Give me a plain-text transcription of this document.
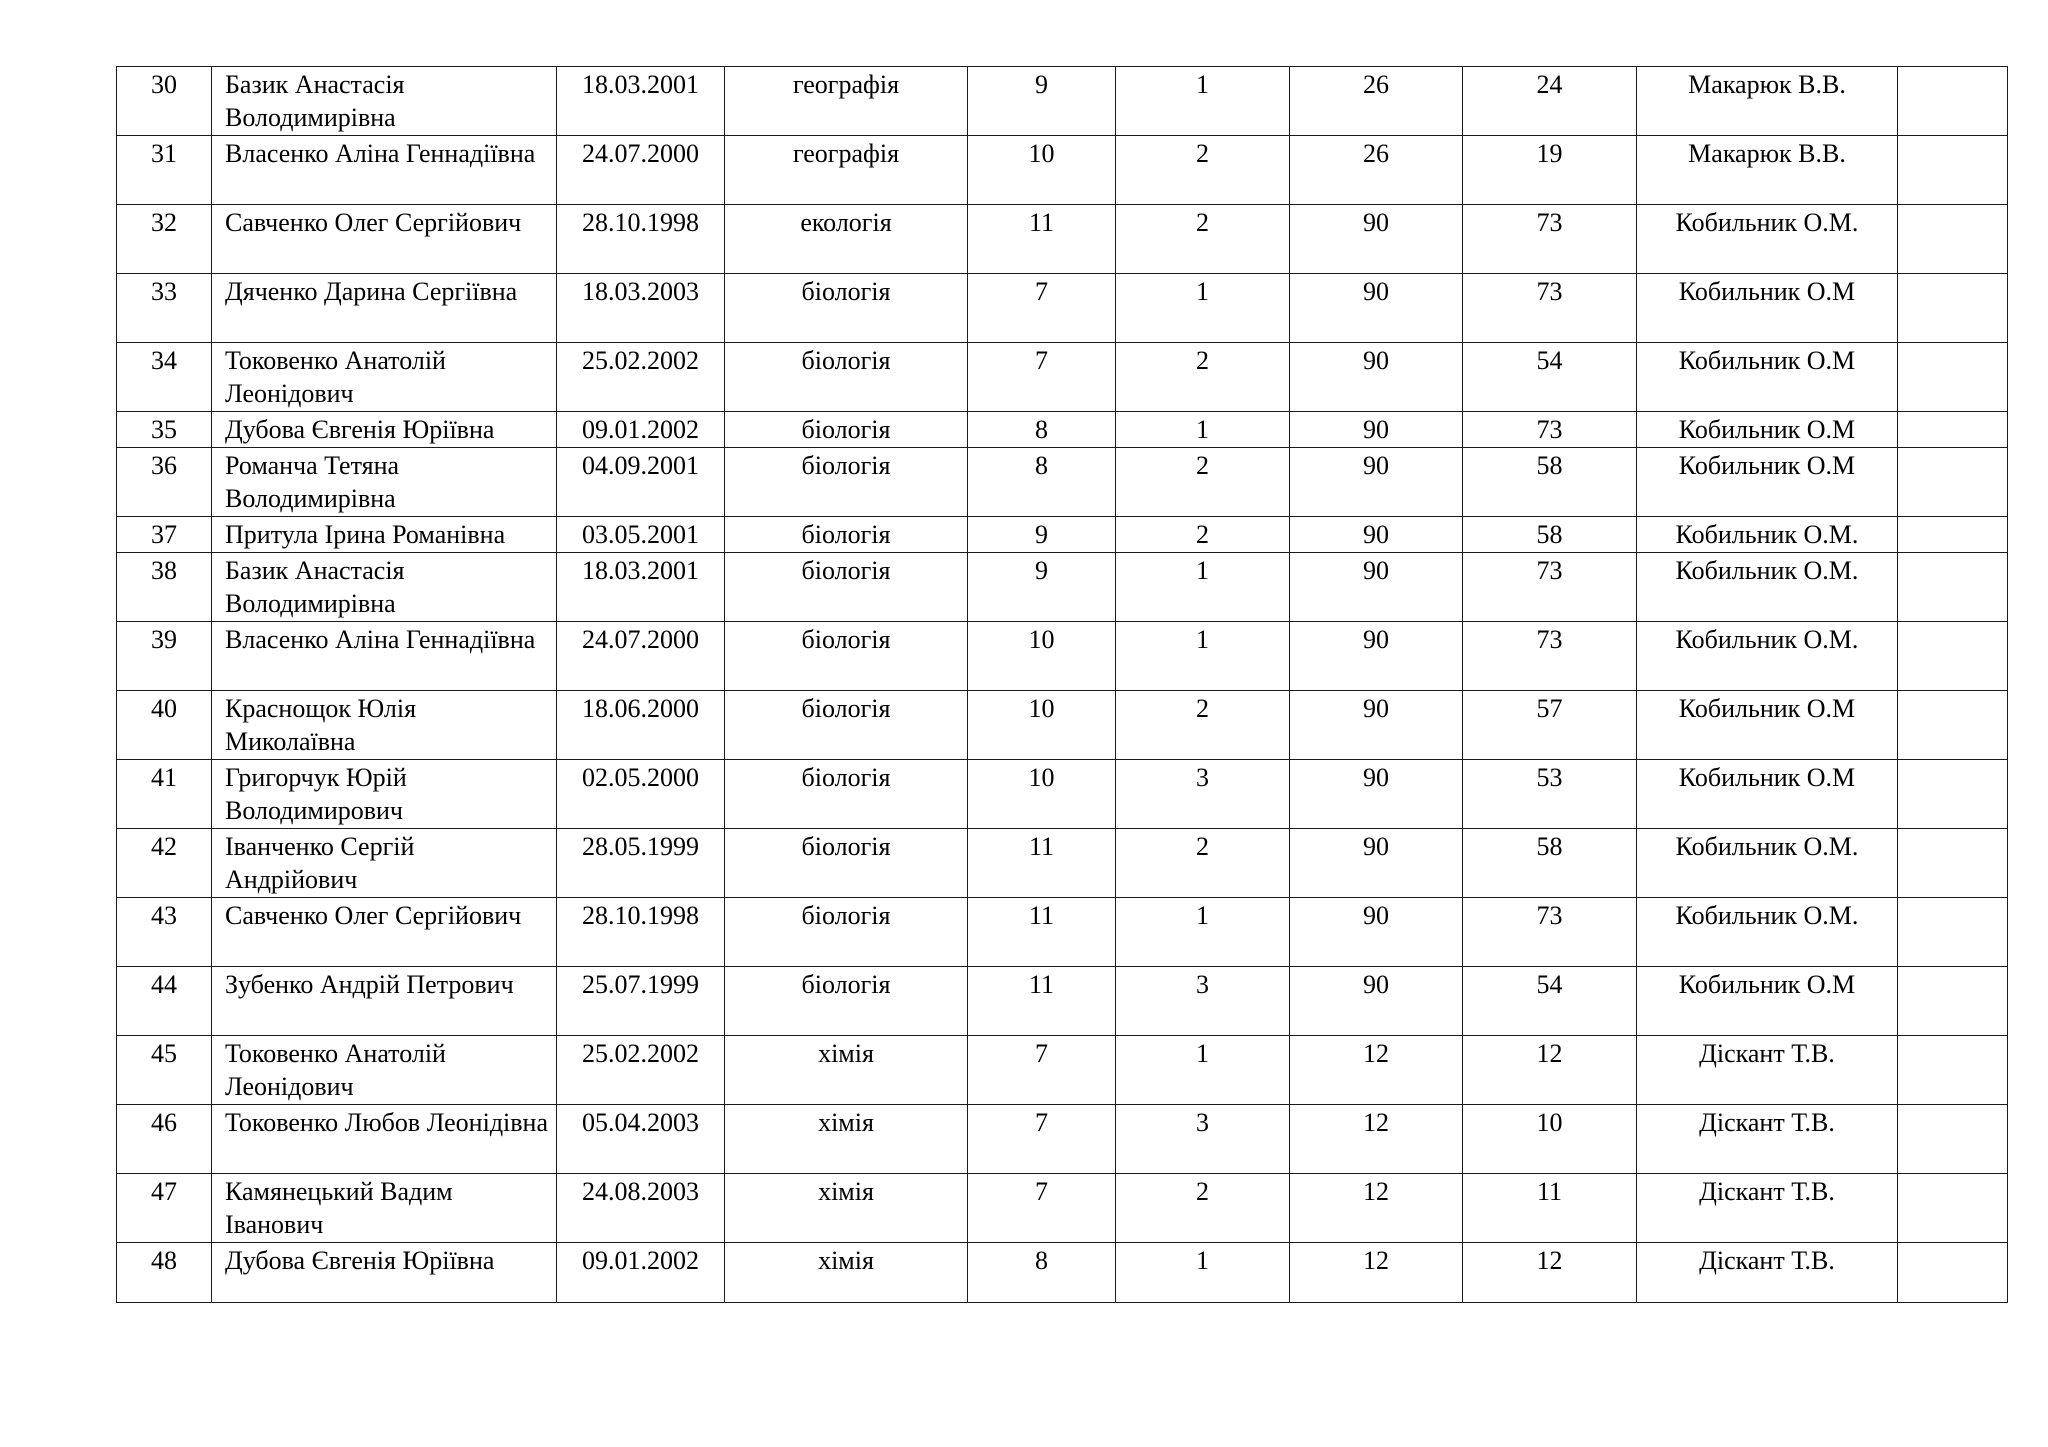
30	Базик Анастасія Володимирівна	18.03.2001	географія	9	1	26	24	Макарюк В.В.	
31	Власенко Аліна Геннадіївна	24.07.2000	географія	10	2	26	19	Макарюк В.В.	
32	Савченко Олег Сергійович	28.10.1998	екологія	11	2	90	73	Кобильник О.М.	
33	Дяченко Дарина Сергіївна	18.03.2003	біологія	7	1	90	73	Кобильник О.М	
34	Токовенко Анатолій Леонідович	25.02.2002	біологія	7	2	90	54	Кобильник О.М	
35	Дубова Євгенія Юріївна	09.01.2002	біологія	8	1	90	73	Кобильник О.М	
36	Романча Тетяна Володимирівна	04.09.2001	біологія	8	2	90	58	Кобильник О.М	
37	Притула Ірина Романівна	03.05.2001	біологія	9	2	90	58	Кобильник О.М.	
38	Базик Анастасія Володимирівна	18.03.2001	біологія	9	1	90	73	Кобильник О.М.	
39	Власенко Аліна Геннадіївна	24.07.2000	біологія	10	1	90	73	Кобильник О.М.	
40	Краснощок Юлія Миколаївна	18.06.2000	біологія	10	2	90	57	Кобильник О.М	
41	Григорчук Юрій Володимирович	02.05.2000	біологія	10	3	90	53	Кобильник О.М	
42	Іванченко Сергій Андрійович	28.05.1999	біологія	11	2	90	58	Кобильник О.М.	
43	Савченко Олег Сергійович	28.10.1998	біологія	11	1	90	73	Кобильник О.М.	
44	Зубенко Андрій Петрович	25.07.1999	біологія	11	3	90	54	Кобильник О.М	
45	Токовенко Анатолій Леонідович	25.02.2002	хімія	7	1	12	12	Діскант Т.В.	
46	Токовенко Любов Леонідівна	05.04.2003	хімія	7	3	12	10	Діскант Т.В.	
47	Камянецький Вадим Іванович	24.08.2003	хімія	7	2	12	11	Діскант Т.В.	
48	Дубова Євгенія Юріївна	09.01.2002	хімія	8	1	12	12	Діскант Т.В.	
